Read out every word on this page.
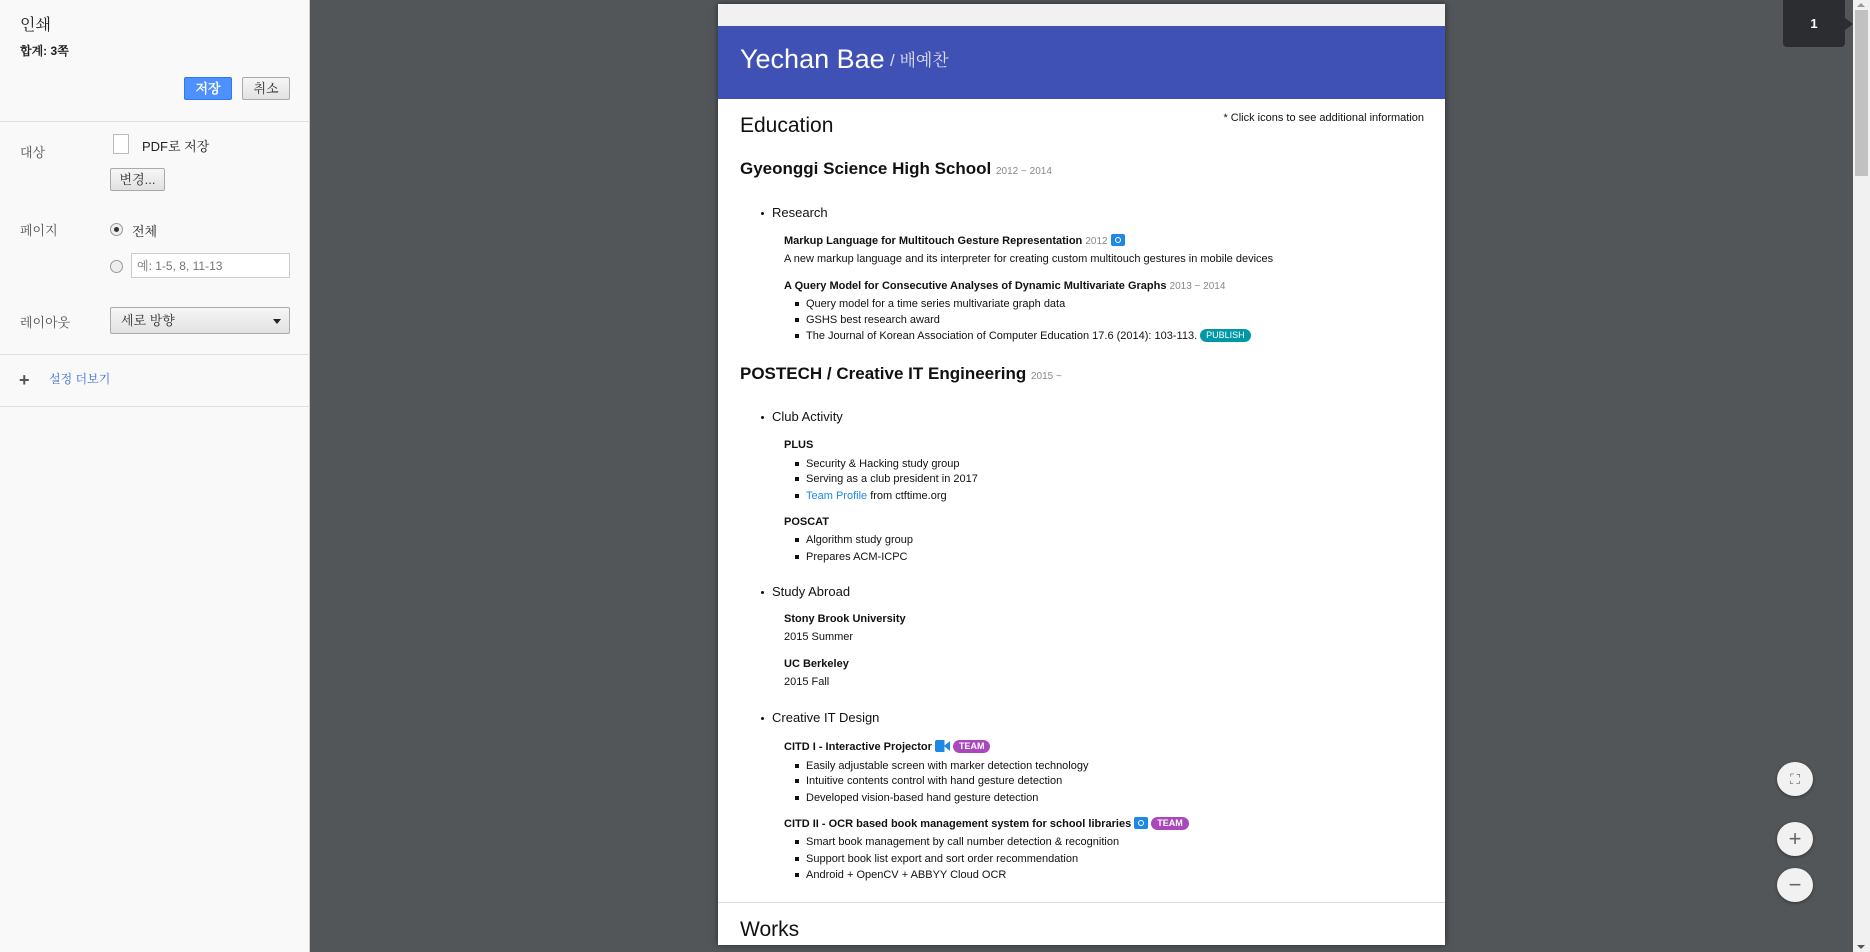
인쇄
합계: 3쪽
저장	취소
대상	PDF로 저장
변경...
페이지	전체
예: 1-5, 8, 11-13
레이아웃	세로 방향
+ 설정 더보기
Yechan Bae / 배예찬
Education	* Click icons to see additional information
Gyeonggi Science High School 2012 ~ 2014
Research
Markup Language for Multitouch Gesture Representation 2012
A new markup language and its interpreter for creating custom multitouch gestures in mobile devices
A Query Model for Consecutive Analyses of Dynamic Multivariate Graphs 2013 ~ 2014
Query model for a time series multivariate graph data
GSHS best research award
The Journal of Korean Association of Computer Education 17.6 (2014): 103-113. PUBLISH
POSTECH / Creative IT Engineering 2015 ~
Club Activity
PLUS
Security & Hacking study group
Serving as a club president in 2017
Team Profile from ctftime.org
POSCAT
Algorithm study group
Prepares ACM-ICPC
Study Abroad
Stony Brook University
2015 Summer
UC Berkeley
2015 Fall
Creative IT Design
CITD I - Interactive Projector	TEAM
Easily adjustable screen with marker detection technology
Intuitive contents control with hand gesture detection
Developed vision-based hand gesture detection
CITD II - OCR based book management system for school libraries	TEAM
Smart book management by call number detection & recognition
Support book list export and sort order recommendation
Android + OpenCV + ABBYY Cloud OCR
Works
1
⛶
+
−
